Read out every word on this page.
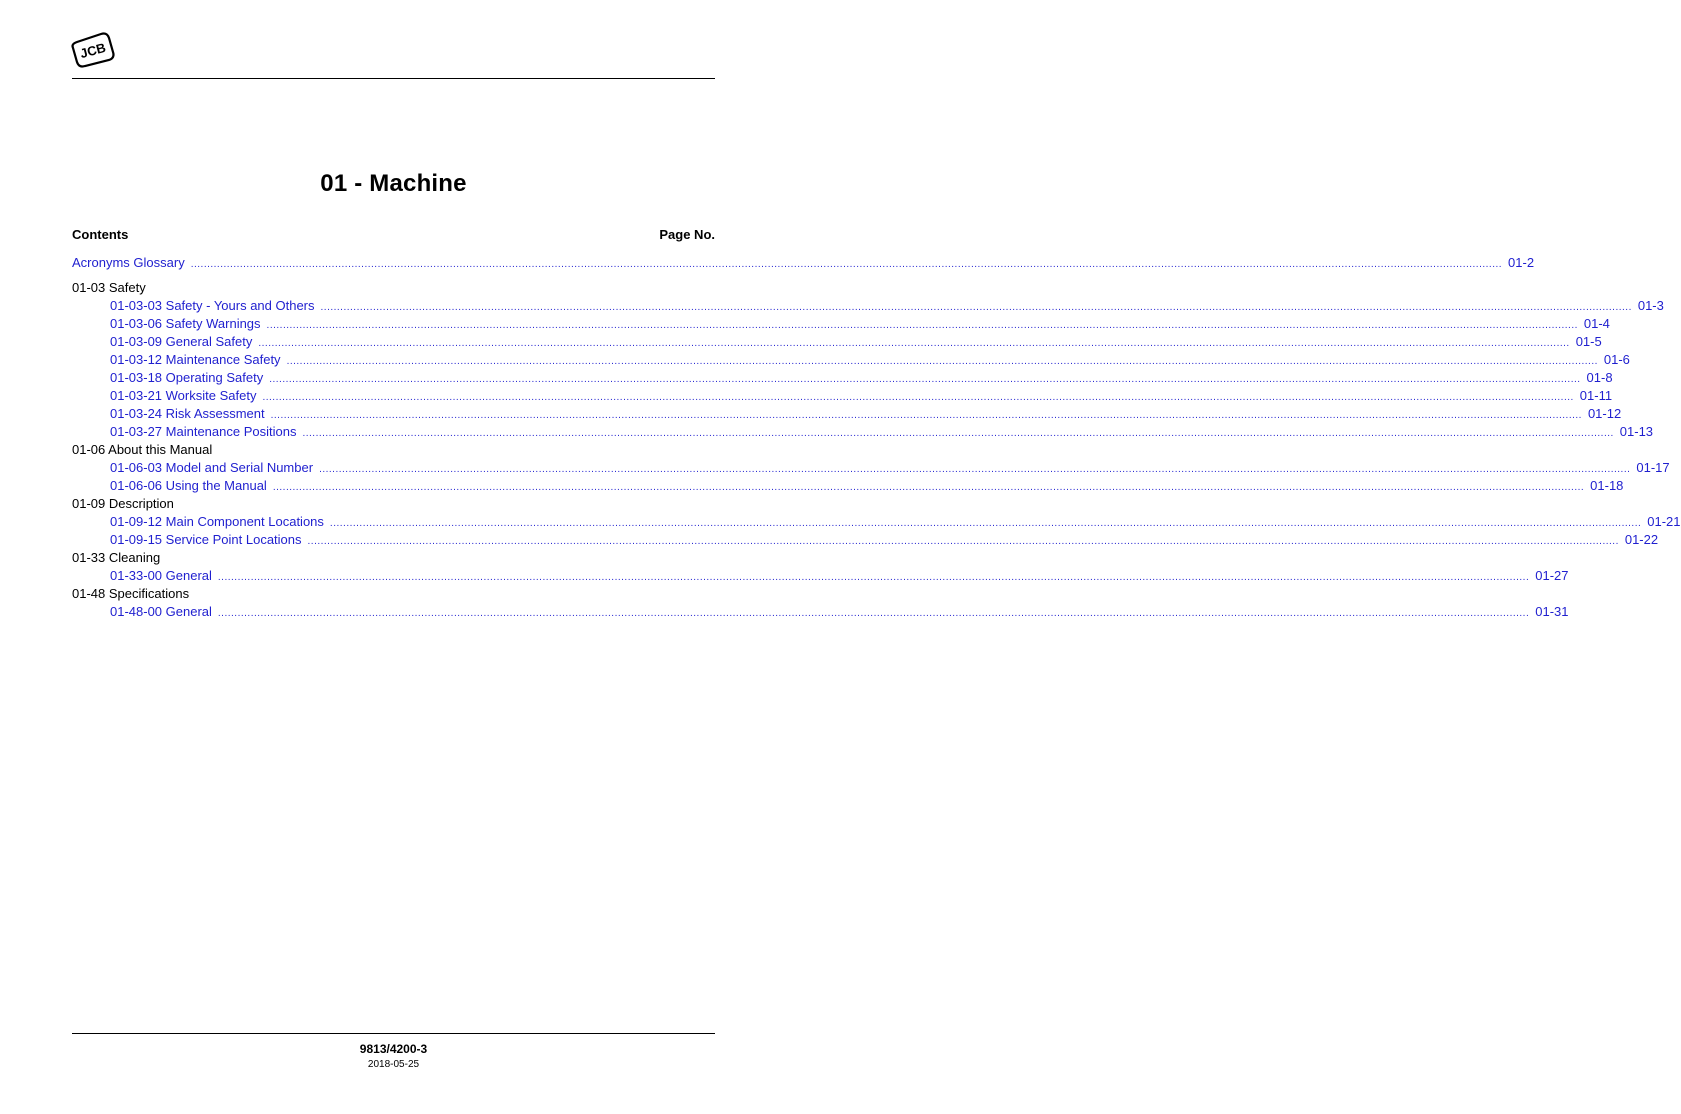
JCB
01 - Machine
Contents	Page No.
Acronyms Glossary ................................................................................................................................................................................................................................................................................................................................................................................................................ 01-2
01-03 Safety
01-03-03 Safety - Yours and Others ................................................................................................................................................................................................................................................................................................................................................................................................................ 01-3
01-03-06 Safety Warnings ................................................................................................................................................................................................................................................................................................................................................................................................................ 01-4
01-03-09 General Safety ................................................................................................................................................................................................................................................................................................................................................................................................................ 01-5
01-03-12 Maintenance Safety ................................................................................................................................................................................................................................................................................................................................................................................................................ 01-6
01-03-18 Operating Safety ................................................................................................................................................................................................................................................................................................................................................................................................................ 01-8
01-03-21 Worksite Safety ................................................................................................................................................................................................................................................................................................................................................................................................................ 01-11
01-03-24 Risk Assessment ................................................................................................................................................................................................................................................................................................................................................................................................................ 01-12
01-03-27 Maintenance Positions ................................................................................................................................................................................................................................................................................................................................................................................................................ 01-13
01-06 About this Manual
01-06-03 Model and Serial Number ................................................................................................................................................................................................................................................................................................................................................................................................................ 01-17
01-06-06 Using the Manual ................................................................................................................................................................................................................................................................................................................................................................................................................ 01-18
01-09 Description
01-09-12 Main Component Locations ................................................................................................................................................................................................................................................................................................................................................................................................................ 01-21
01-09-15 Service Point Locations ................................................................................................................................................................................................................................................................................................................................................................................................................ 01-22
01-33 Cleaning
01-33-00 General ................................................................................................................................................................................................................................................................................................................................................................................................................ 01-27
01-48 Specifications
01-48-00 General ................................................................................................................................................................................................................................................................................................................................................................................................................ 01-31
9813/4200-3
2018-05-25
